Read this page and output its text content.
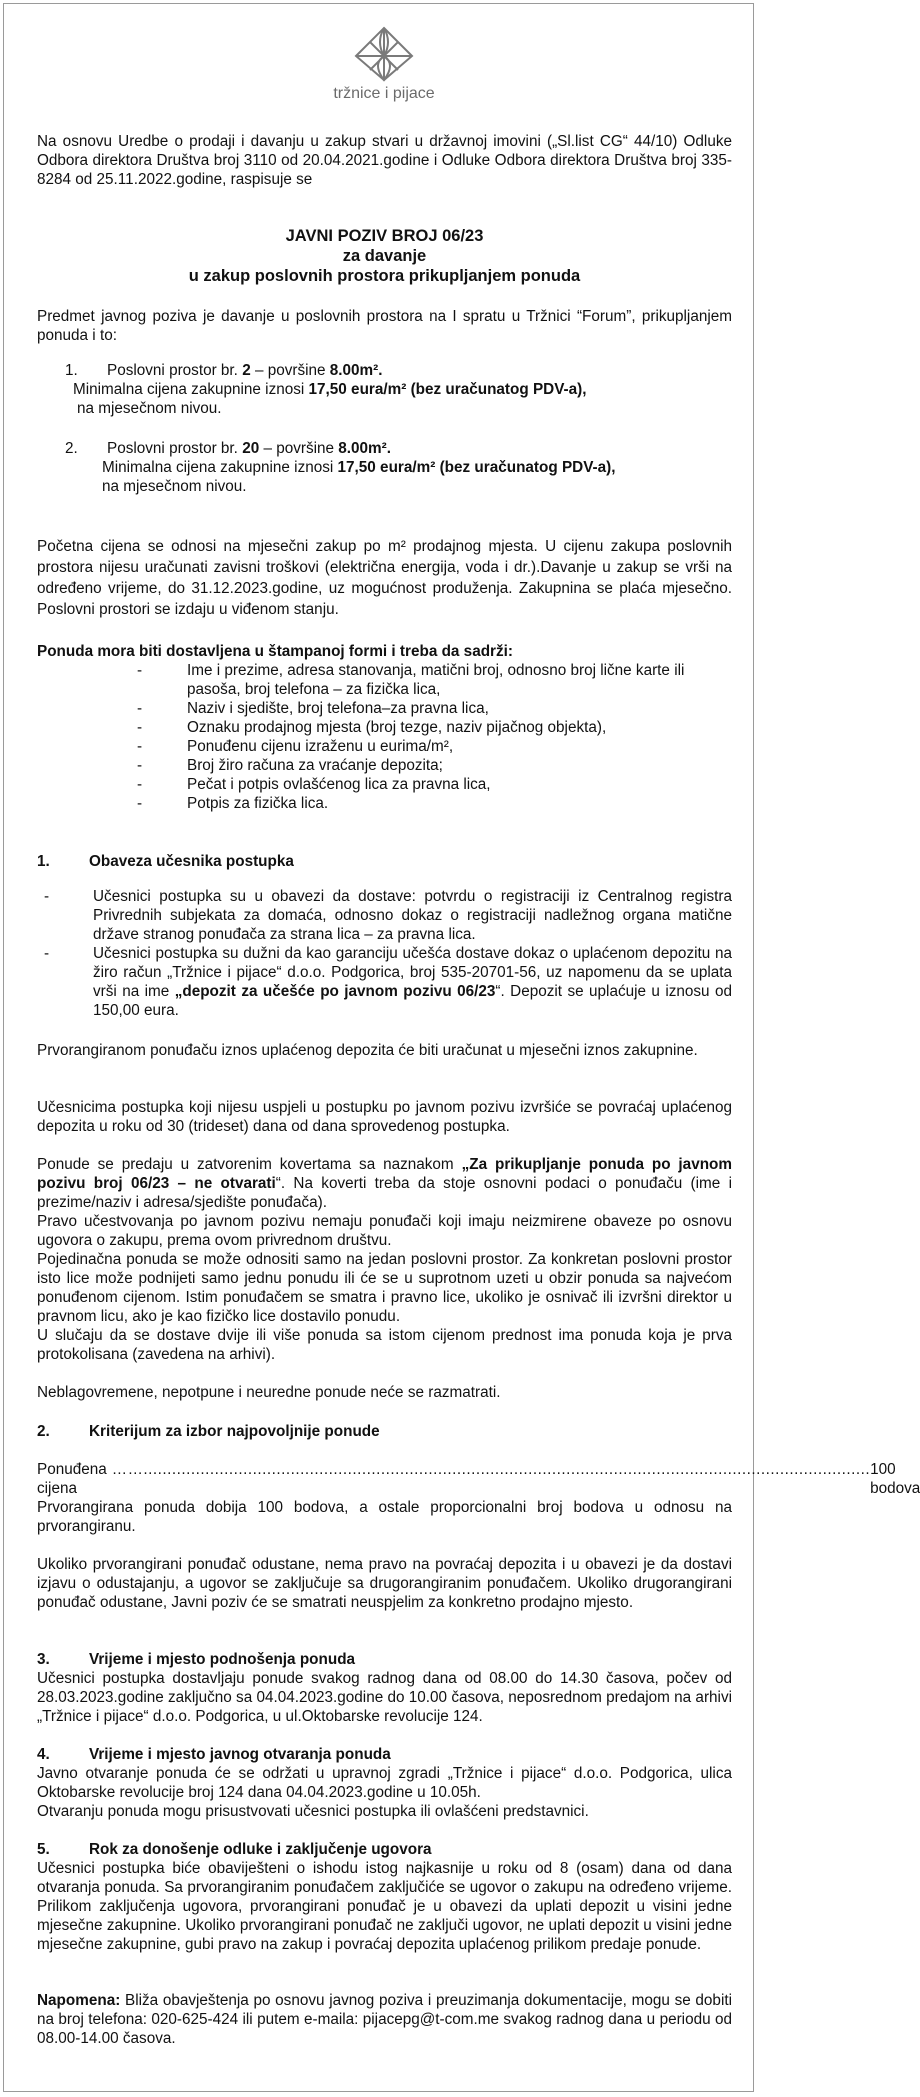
tržnice i pijace
Na osnovu Uredbe o prodaji i davanju u zakup stvari u državnoj imovini („Sl.list CG“ 44/10) Odluke Odbora direktora Društva broj 3110 od 20.04.2021.godine i Odluke Odbora direktora Društva broj 335-8284 od 25.11.2022.godine, raspisuje se
JAVNI POZIV BROJ 06/23
za davanje
u zakup poslovnih prostora prikupljanjem ponuda
Predmet javnog poziva je davanje u poslovnih prostora na I spratu u Tržnici “Forum”, prikupljanjem ponuda i to:
1. Poslovni prostor br. 2 – površine 8.00m².
Minimalna cijena zakupnine iznosi 17,50 eura/m² (bez uračunatog PDV-a),
na mjesečnom nivou.
2. Poslovni prostor br. 20 – površine 8.00m².
Minimalna cijena zakupnine iznosi 17,50 eura/m² (bez uračunatog PDV-a),
na mjesečnom nivou.
Početna cijena se odnosi na mjesečni zakup po m² prodajnog mjesta. U cijenu zakupa poslovnih prostora nijesu uračunati zavisni troškovi (električna energija, voda i dr.).Davanje u zakup se vrši na određeno vrijeme, do 31.12.2023.godine, uz mogućnost produženja. Zakupnina se plaća mjesečno. Poslovni prostori se izdaju u viđenom stanju.
Ponuda mora biti dostavljena u štampanoj formi i treba da sadrži:
- Ime i prezime, adresa stanovanja, matični broj, odnosno broj lične karte ili pasoša, broj telefona – za fizička lica,
- Naziv i sjedište, broj telefona–za pravna lica,
- Oznaku prodajnog mjesta (broj tezge, naziv pijačnog objekta),
- Ponuđenu cijenu izraženu u eurima/m²,
- Broj žiro računa za vraćanje depozita;
- Pečat i potpis ovlašćenog lica za pravna lica,
- Potpis za fizička lica.
1.	Obaveza učesnika postupka
- Učesnici postupka su u obavezi da dostave: potvrdu o registraciji iz Centralnog registra Privrednih subjekata za domaća, odnosno dokaz o registraciji nadležnog organa matične države stranog ponuđača za strana lica – za pravna lica.
- Učesnici postupka su dužni da kao garanciju učešća dostave dokaz o uplaćenom depozitu na žiro račun „Tržnice i pijace“ d.o.o. Podgorica, broj 535-20701-56, uz napomenu da se uplata vrši na ime „depozit za učešće po javnom pozivu 06/23“. Depozit se uplaćuje u iznosu od 150,00 eura.
Prvorangiranom ponuđaču iznos uplaćenog depozita će biti uračunat u mjesečni iznos zakupnine.
Učesnicima postupka koji nijesu uspjeli u postupku po javnom pozivu izvršiće se povraćaj uplaćenog depozita u roku od 30 (trideset) dana od dana sprovedenog postupka.
Ponude se predaju u zatvorenim kovertama sa naznakom „Za prikupljanje ponuda po javnom pozivu broj 06/23 – ne otvarati“. Na koverti treba da stoje osnovni podaci o ponuđaču (ime i prezime/naziv i adresa/sjedište ponuđača).
Pravo učestvovanja po javnom pozivu nemaju ponuđači koji imaju neizmirene obaveze po osnovu ugovora o zakupu, prema ovom privrednom društvu.
Pojedinačna ponuda se može odnositi samo na jedan poslovni prostor. Za konkretan poslovni prostor isto lice može podnijeti samo jednu ponudu ili će se u suprotnom uzeti u obzir ponuda sa najvećom ponuđenom cijenom. Istim ponuđačem se smatra i pravno lice, ukoliko je osnivač ili izvršni direktor u pravnom licu, ako je kao fizičko lice dostavilo ponudu.
U slučaju da se dostave dvije ili više ponuda sa istom cijenom prednost ima ponuda koja je prva protokolisana (zavedena na arhivi).
Neblagovremene, nepotpune i neuredne ponude neće se razmatrati.
2.	Kriterijum za izbor najpovoljnije ponude
Ponuđena cijena
……......................................................................................................................................................... 100 bodova
Prvorangirana ponuda dobija 100 bodova, a ostale proporcionalni broj bodova u odnosu na prvorangiranu.
Ukoliko prvorangirani ponuđač odustane, nema pravo na povraćaj depozita i u obavezi je da dostavi izjavu o odustajanju, a ugovor se zaključuje sa drugorangiranim ponuđačem. Ukoliko drugorangirani ponuđač odustane, Javni poziv će se smatrati neuspjelim za konkretno prodajno mjesto.
3.	Vrijeme i mjesto podnošenja ponuda
Učesnici postupka dostavljaju ponude svakog radnog dana od 08.00 do 14.30 časova, počev od 28.03.2023.godine zaključno sa 04.04.2023.godine do 10.00 časova, neposrednom predajom na arhivi „Tržnice i pijace“ d.o.o. Podgorica, u ul.Oktobarske revolucije 124.
4.	Vrijeme i mjesto javnog otvaranja ponuda
Javno otvaranje ponuda će se održati u upravnoj zgradi „Tržnice i pijace“ d.o.o. Podgorica, ulica Oktobarske revolucije broj 124 dana 04.04.2023.godine u 10.05h.
Otvaranju ponuda mogu prisustvovati učesnici postupka ili ovlašćeni predstavnici.
5.	Rok za donošenje odluke i zaključenje ugovora
Učesnici postupka biće obaviješteni o ishodu istog najkasnije u roku od 8 (osam) dana od dana otvaranja ponuda. Sa prvorangiranim ponuđačem zaključiće se ugovor o zakupu na određeno vrijeme. Prilikom zaključenja ugovora, prvorangirani ponuđač je u obavezi da uplati depozit u visini jedne mjesečne zakupnine. Ukoliko prvorangirani ponuđač ne zaključi ugovor, ne uplati depozit u visini jedne mjesečne zakupnine, gubi pravo na zakup i povraćaj depozita uplaćenog prilikom predaje ponude.
Napomena: Bliža obavještenja po osnovu javnog poziva i preuzimanja dokumentacije, mogu se dobiti na broj telefona: 020-625-424 ili putem e-maila: pijacepg@t-com.me svakog radnog dana u periodu od 08.00-14.00 časova.
